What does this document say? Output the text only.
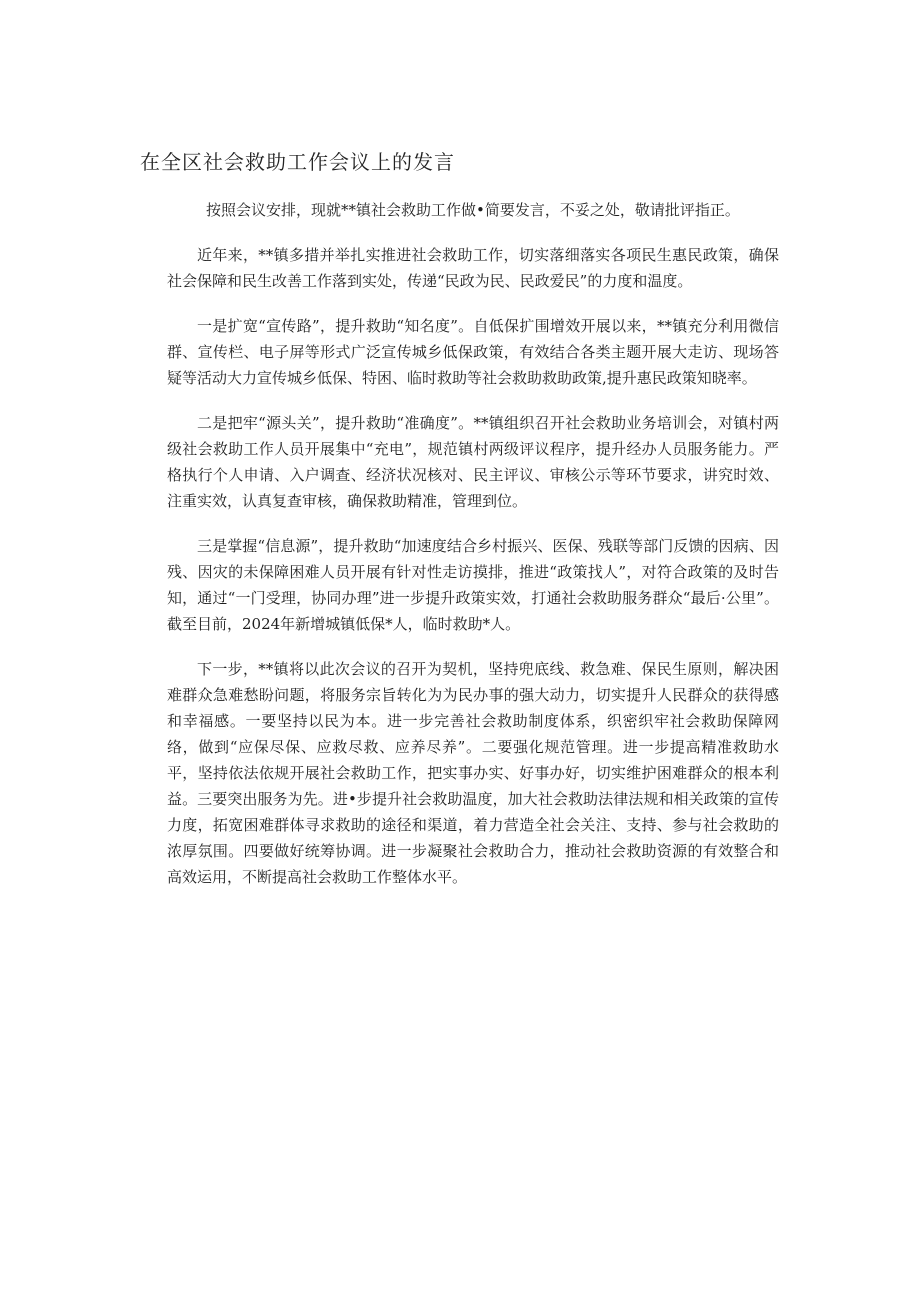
在全区社会救助工作会议上的发言

按照会议安排，现就**镇社会救助工作做•简要发言，不妥之处，敬请批评指正。

近年来，**镇多措并举扎实推进社会救助工作，切实落细落实各项民生惠民政策，确保社会保障和民生改善工作落到实处，传递“民政为民、民政爱民”的力度和温度。

一是扩宽“宣传路”，提升救助“知名度”。自低保扩围增效开展以来，**镇充分利用微信群、宣传栏、电子屏等形式广泛宣传城乡低保政策，有效结合各类主题开展大走访、现场答疑等活动大力宣传城乡低保、特困、临时救助等社会救助救助政策,提升惠民政策知晓率。

二是把牢“源头关”，提升救助“准确度”。**镇组织召开社会救助业务培训会，对镇村两级社会救助工作人员开展集中“充电”，规范镇村两级评议程序，提升经办人员服务能力。严格执行个人申请、入户调查、经济状况核对、民主评议、审核公示等环节要求，讲究时效、注重实效，认真复查审核，确保救助精准，管理到位。

三是掌握“信息源”，提升救助“加速度结合乡村振兴、医保、残联等部门反馈的因病、因残、因灾的未保障困难人员开展有针对性走访摸排，推进“政策找人”，对符合政策的及时告知，通过“一门受理，协同办理”进一步提升政策实效，打通社会救助服务群众“最后·公里”。截至目前，2024年新增城镇低保*人，临时救助*人。

下一步，**镇将以此次会议的召开为契机，坚持兜底线、救急难、保民生原则，解决困难群众急难愁盼问题，将服务宗旨转化为为民办事的强大动力，切实提升人民群众的获得感和幸福感。一要坚持以民为本。进一步完善社会救助制度体系，织密织牢社会救助保障网络，做到“应保尽保、应救尽救、应养尽养”。二要强化规范管理。进一步提高精准救助水平，坚持依法依规开展社会救助工作，把实事办实、好事办好，切实维护困难群众的根本利益。三要突出服务为先。进•步提升社会救助温度，加大社会救助法律法规和相关政策的宣传力度，拓宽困难群体寻求救助的途径和渠道，着力营造全社会关注、支持、参与社会救助的浓厚氛围。四要做好统筹协调。进一步凝聚社会救助合力，推动社会救助资源的有效整合和高效运用，不断提高社会救助工作整体水平。
